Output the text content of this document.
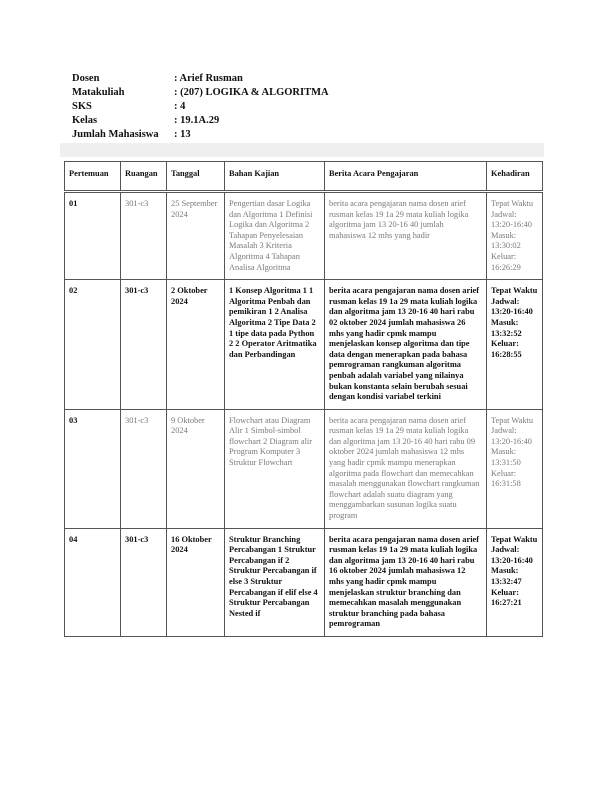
Dosen	: Arief Rusman
Matakuliah	: (207) LOGIKA & ALGORITMA
SKS	: 4
Kelas	: 19.1A.29
Jumlah Mahasiswa	: 13
Pertemuan	Ruangan	Tanggal	Bahan Kajian	Berita Acara Pengajaran	Kehadiran
01	301-c3	25 September 2024	Pengertian dasar Logika dan Algoritma 1 Definisi Logika dan Algoritma 2 Tahapan Penyelesaian Masalah 3 Kriteria Algoritma 4 Tahapan Analisa Algoritma	berita acara pengajaran nama dosen arief rusman kelas 19 1a 29 mata kuliah logika algoritma jam 13 20-16 40 jumlah mahasiswa 12 mhs yang hadir	Tepat Waktu Jadwal: 13:20-16:40 Masuk: 13:30:02 Keluar: 16:26:29
02	301-c3	2 Oktober 2024	1 Konsep Algoritma 1 1 Algoritma Penbah dan pemikiran 1 2 Analisa Algoritma 2 Tipe Data 2 1 tipe data pada Python 2 2 Operator Aritmatika dan Perbandingan	berita acara pengajaran nama dosen arief rusman kelas 19 1a 29 mata kuliah logika dan algoritma jam 13 20-16 40 hari rabu 02 oktober 2024 jumlah mahasiswa 26 mhs yang hadir cpmk mampu menjelaskan konsep algoritma dan tipe data dengan menerapkan pada bahasa pemrograman rangkuman algoritma penbah adalah variabel yang nilainya bukan konstanta selain berubah sesuai dengan kondisi variabel terkini	Tepat Waktu Jadwal: 13:20-16:40 Masuk: 13:32:52 Keluar: 16:28:55
03	301-c3	9 Oktober 2024	Flowchart atau Diagram Alir 1 Simbol-simbol flowchart 2 Diagram alir Program Komputer 3 Struktur Flowchart	berita acara pengajaran nama dosen arief rusman kelas 19 1a 29 mata kuliah logika dan algoritma jam 13 20-16 40 hari rabu 09 oktober 2024 jumlah mahasiswa 12 mhs yang hadir cpmk mampu menerapkan algoritma pada flowchart dan memecahkan masalah menggunakan flowchart rangkuman flowchart adalah suatu diagram yang menggambarkan susunan logika suatu program	Tepat Waktu Jadwal: 13:20-16:40 Masuk: 13:31:50 Keluar: 16:31:58
04	301-c3	16 Oktober 2024	Struktur Branching Percabangan 1 Struktur Percabangan if 2 Struktur Percabangan if else 3 Struktur Percabangan if elif else 4 Struktur Percabangan Nested if	berita acara pengajaran nama dosen arief rusman kelas 19 1a 29 mata kuliah logika dan algoritma jam 13 20-16 40 hari rabu 16 oktober 2024 jumlah mahasiswa 12 mhs yang hadir cpmk mampu menjelaskan struktur branching dan memecahkan masalah menggunakan struktur branching pada bahasa pemrograman	Tepat Waktu Jadwal: 13:20-16:40 Masuk: 13:32:47 Keluar: 16:27:21
